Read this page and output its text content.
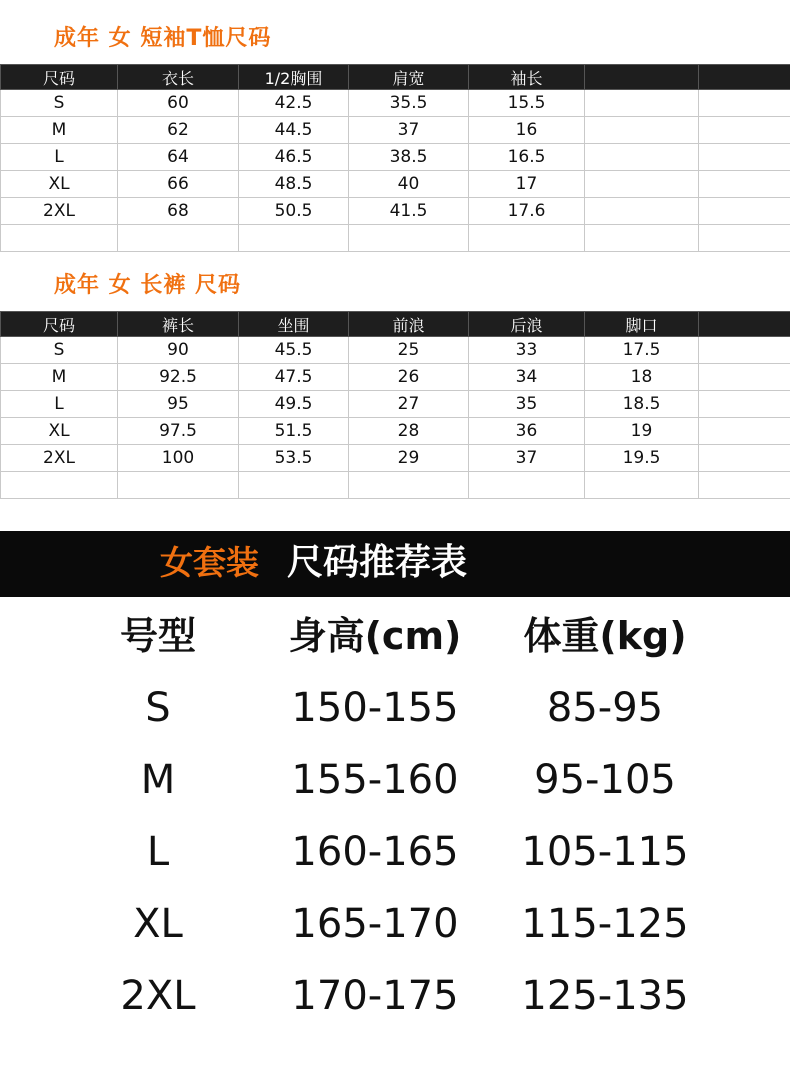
成年 女 短袖T恤尺码
尺码	衣长	1/2胸围	肩宽	袖长		
S	60	42.5	35.5	15.5		
M	62	44.5	37	16		
L	64	46.5	38.5	16.5		
XL	66	48.5	40	17		
2XL	68	50.5	41.5	17.6		

成年 女 长裤 尺码
尺码	裤长	坐围	前浪	后浪	脚口	
S	90	45.5	25	33	17.5	
M	92.5	47.5	26	34	18	
L	95	49.5	27	35	18.5	
XL	97.5	51.5	28	36	19	
2XL	100	53.5	29	37	19.5	

女套装 尺码推荐表
号型	身高(cm)	体重(kg)
S	150-155	85-95
M	155-160	95-105
L	160-165	105-115
XL	165-170	115-125
2XL	170-175	125-135
